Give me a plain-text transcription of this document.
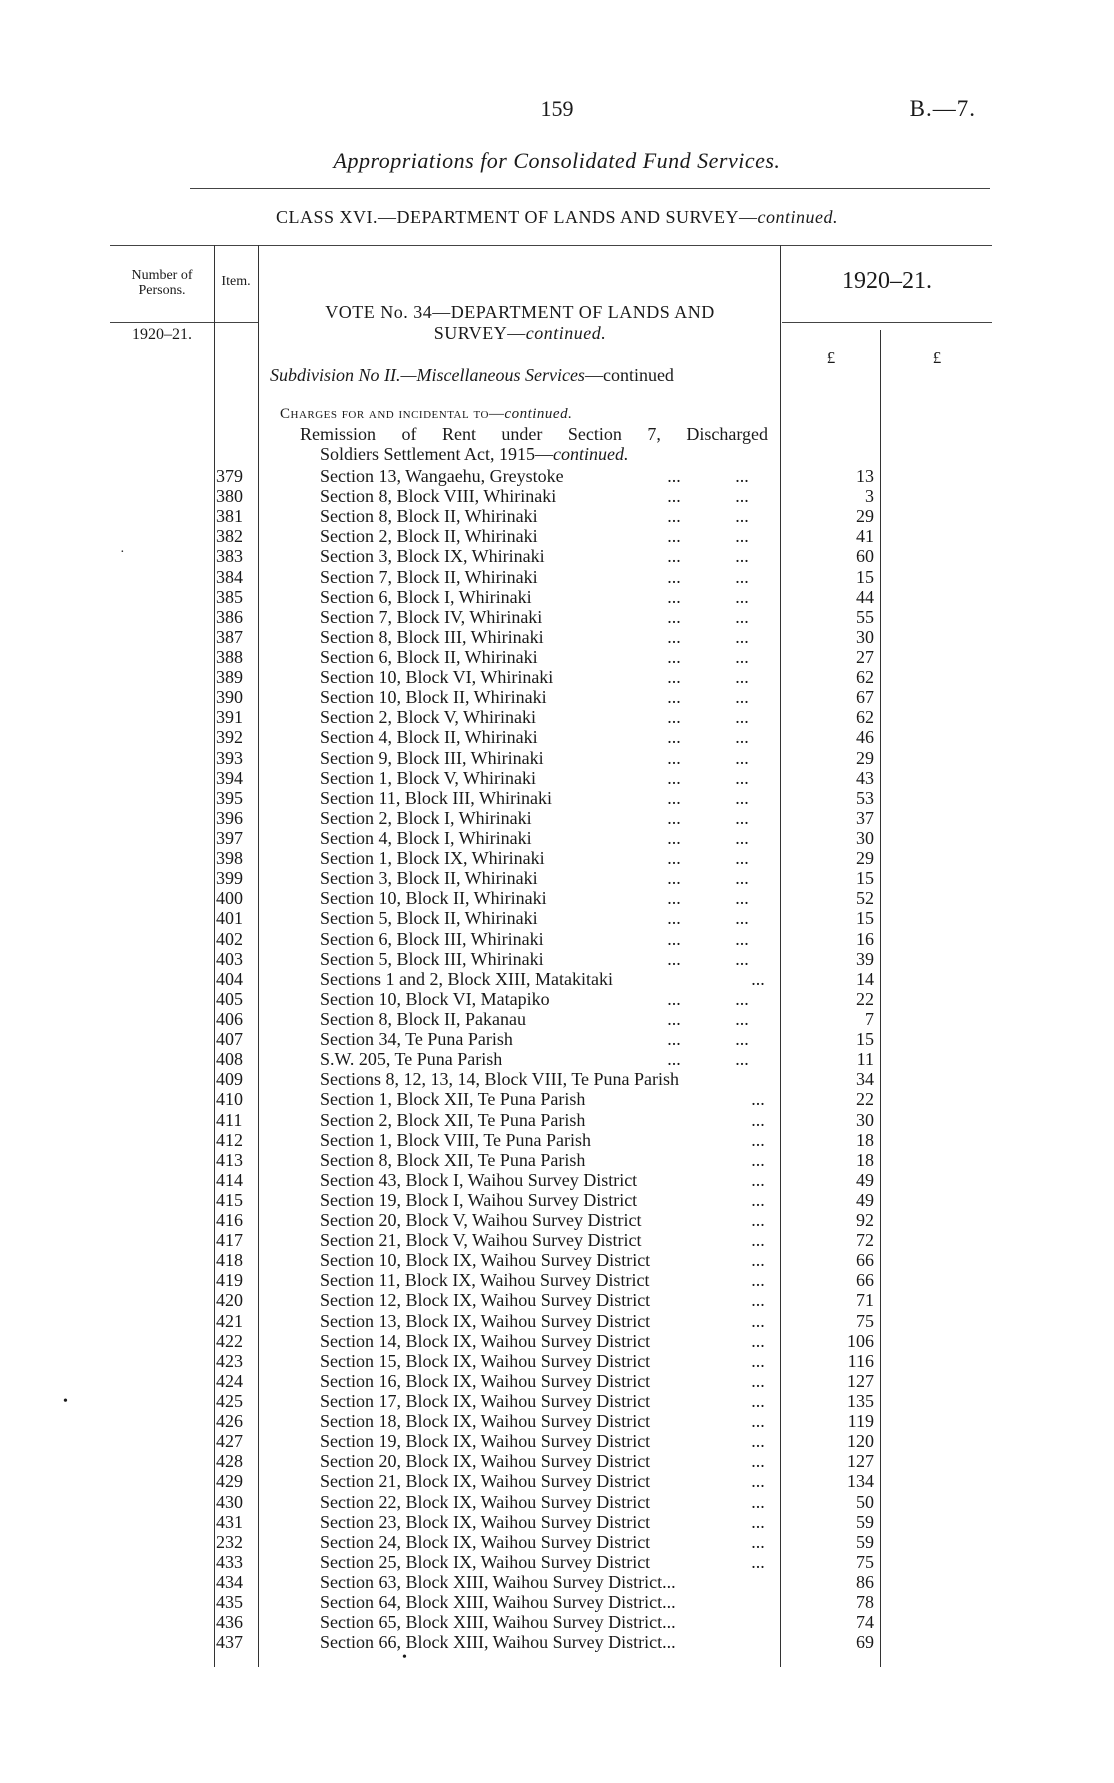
159	B.—7.
Appropriations for Consolidated Fund Services.
CLASS XVI.—DEPARTMENT OF LANDS AND SURVEY—continued.
Number of Persons.
Item.
1920–21.
1920–21.
£	£
VOTE No. 34—DEPARTMENT OF LANDS AND
SURVEY—continued.
Subdivision No II.—Miscellaneous Services—continued
Charges for and incidental to—continued.
Remission of Rent under Section 7, Discharged
Soldiers Settlement Act, 1915—continued.
379	Section 13, Wangaehu, Greystoke	...	...	13
380	Section 8, Block VIII, Whirinaki	...	...	3
381	Section 8, Block II, Whirinaki	...	...	29
382	Section 2, Block II, Whirinaki	...	...	41
383	Section 3, Block IX, Whirinaki	...	...	60
384	Section 7, Block II, Whirinaki	...	...	15
385	Section 6, Block I, Whirinaki	...	...	44
386	Section 7, Block IV, Whirinaki	...	...	55
387	Section 8, Block III, Whirinaki	...	...	30
388	Section 6, Block II, Whirinaki	...	...	27
389	Section 10, Block VI, Whirinaki	...	...	62
390	Section 10, Block II, Whirinaki	...	...	67
391	Section 2, Block V, Whirinaki	...	...	62
392	Section 4, Block II, Whirinaki	...	...	46
393	Section 9, Block III, Whirinaki	...	...	29
394	Section 1, Block V, Whirinaki	...	...	43
395	Section 11, Block III, Whirinaki	...	...	53
396	Section 2, Block I, Whirinaki	...	...	37
397	Section 4, Block I, Whirinaki	...	...	30
398	Section 1, Block IX, Whirinaki	...	...	29
399	Section 3, Block II, Whirinaki	...	...	15
400	Section 10, Block II, Whirinaki	...	...	52
401	Section 5, Block II, Whirinaki	...	...	15
402	Section 6, Block III, Whirinaki	...	...	16
403	Section 5, Block III, Whirinaki	...	...	39
404	Sections 1 and 2, Block XIII, Matakitaki	...	14
405	Section 10, Block VI, Matapiko	...	...	22
406	Section 8, Block II, Pakanau	...	...	7
407	Section 34, Te Puna Parish	...	...	15
408	S.W. 205, Te Puna Parish	...	...	11
409	Sections 8, 12, 13, 14, Block VIII, Te Puna Parish	34
410	Section 1, Block XII, Te Puna Parish	...	22
411	Section 2, Block XII, Te Puna Parish	...	30
412	Section 1, Block VIII, Te Puna Parish	...	18
413	Section 8, Block XII, Te Puna Parish	...	18
414	Section 43, Block I, Waihou Survey District	...	49
415	Section 19, Block I, Waihou Survey District	...	49
416	Section 20, Block V, Waihou Survey District	...	92
417	Section 21, Block V, Waihou Survey District	...	72
418	Section 10, Block IX, Waihou Survey District	...	66
419	Section 11, Block IX, Waihou Survey District	...	66
420	Section 12, Block IX, Waihou Survey District	...	71
421	Section 13, Block IX, Waihou Survey District	...	75
422	Section 14, Block IX, Waihou Survey District	...	106
423	Section 15, Block IX, Waihou Survey District	...	116
424	Section 16, Block IX, Waihou Survey District	...	127
425	Section 17, Block IX, Waihou Survey District	...	135
426	Section 18, Block IX, Waihou Survey District	...	119
427	Section 19, Block IX, Waihou Survey District	...	120
428	Section 20, Block IX, Waihou Survey District	...	127
429	Section 21, Block IX, Waihou Survey District	...	134
430	Section 22, Block IX, Waihou Survey District	...	50
431	Section 23, Block IX, Waihou Survey District	...	59
232	Section 24, Block IX, Waihou Survey District	...	59
433	Section 25, Block IX, Waihou Survey District	...	75
434	Section 63, Block XIII, Waihou Survey District...	86
435	Section 64, Block XIII, Waihou Survey District...	78
436	Section 65, Block XIII, Waihou Survey District...	74
437	Section 66, Block XIII, Waihou Survey District...	69
·
•
•
